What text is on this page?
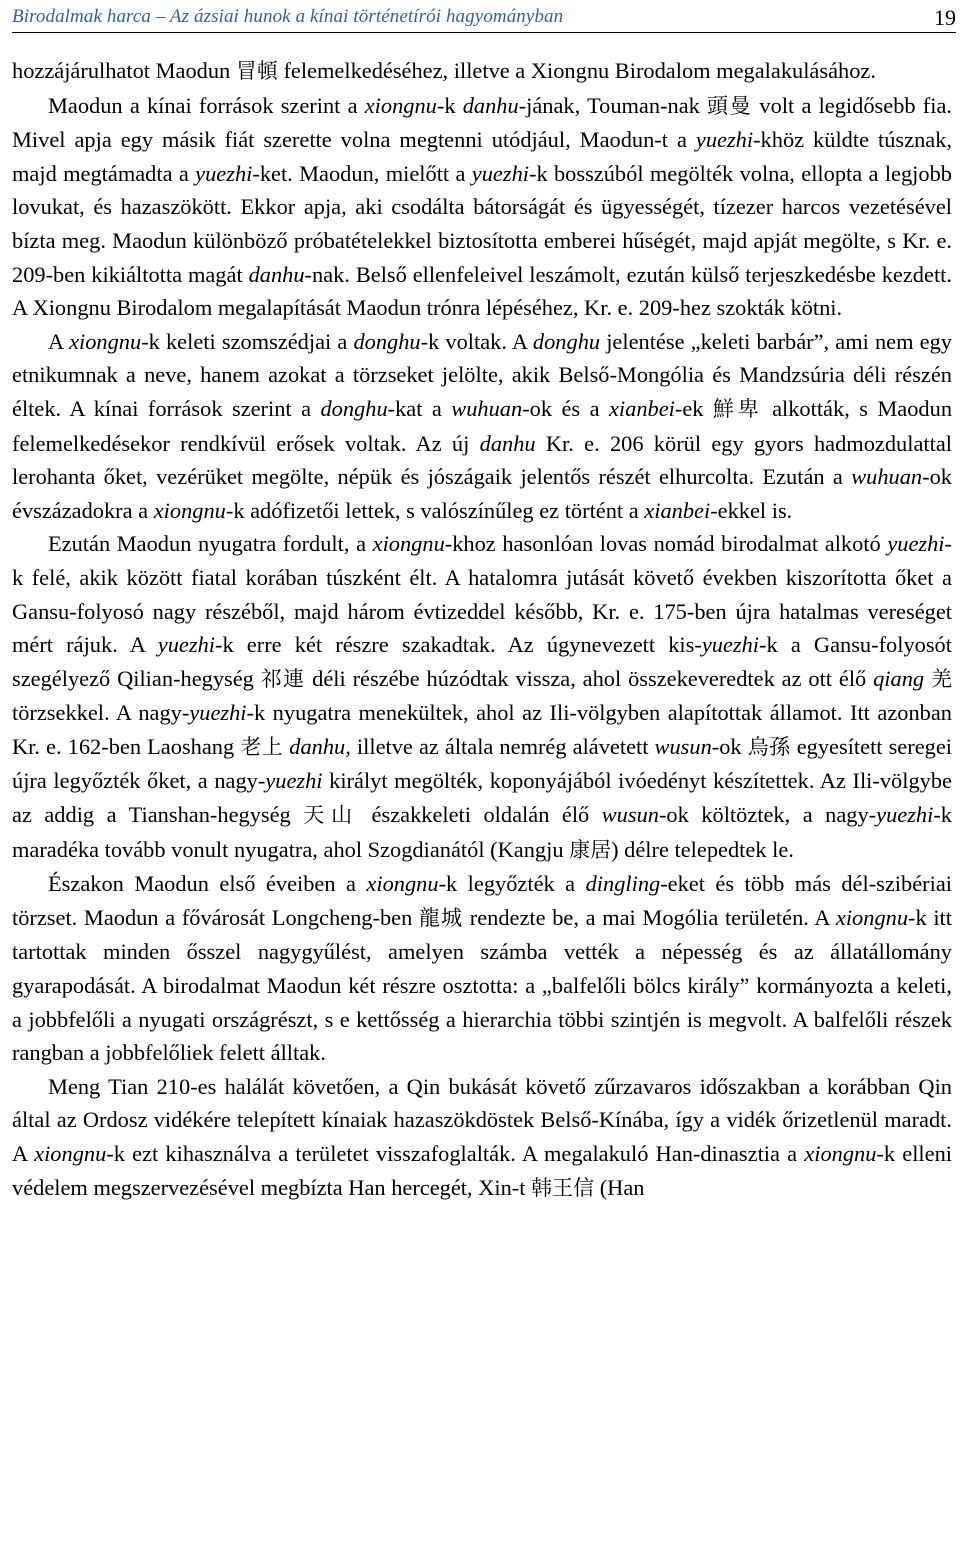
Birodalmak harca – Az ázsiai hunok a kínai történetírói hagyományban	19

hozzájárulhatot Maodun 冒頓 felemelkedéséhez, illetve a Xiongnu Birodalom megalakulásához.

Maodun a kínai források szerint a xiongnu-k danhu-jának, Touman-nak 頭曼 volt a legidősebb fia. Mivel apja egy másik fiát szerette volna megtenni utódjául, Maodun-t a yuezhi-khöz küldte túsznak, majd megtámadta a yuezhi-ket. Maodun, mielőtt a yuezhi-k bosszúból megölték volna, ellopta a legjobb lovukat, és hazaszökött. Ekkor apja, aki csodálta bátorságát és ügyességét, tízezer harcos vezetésével bízta meg. Maodun különböző próbatételekkel biztosította emberei hűségét, majd apját megölte, s Kr. e. 209-ben kikiáltotta magát danhu-nak. Belső ellenfeleivel leszámolt, ezután külső terjeszkedésbe kezdett. A Xiongnu Birodalom megalapítását Maodun trónra lépéséhez, Kr. e. 209-hez szokták kötni.

A xiongnu-k keleti szomszédjai a donghu-k voltak. A donghu jelentése „keleti barbár”, ami nem egy etnikumnak a neve, hanem azokat a törzseket jelölte, akik Belső-Mongólia és Mandzsúria déli részén éltek. A kínai források szerint a donghu-kat a wuhuan-ok és a xianbei-ek 鮮卑 alkották, s Maodun felemelkedésekor rendkívül erősek voltak. Az új danhu Kr. e. 206 körül egy gyors hadmozdulattal lerohanta őket, vezérüket megölte, népük és jószágaik jelentős részét elhurcolta. Ezután a wuhuan-ok évszázadokra a xiongnu-k adófizetői lettek, s valószínűleg ez történt a xianbei-ekkel is.

Ezután Maodun nyugatra fordult, a xiongnu-khoz hasonlóan lovas nomád birodalmat alkotó yuezhi-k felé, akik között fiatal korában túszként élt. A hatalomra jutását követő években kiszorította őket a Gansu-folyosó nagy részéből, majd három évtizeddel később, Kr. e. 175-ben újra hatalmas vereséget mért rájuk. A yuezhi-k erre két részre szakadtak. Az úgynevezett kis-yuezhi-k a Gansu-folyosót szegélyező Qilian-hegység 祁連 déli részébe húzódtak vissza, ahol összekeveredtek az ott élő qiang 羌 törzsekkel. A nagy-yuezhi-k nyugatra menekültek, ahol az Ili-völgyben alapítottak államot. Itt azonban Kr. e. 162-ben Laoshang 老上 danhu, illetve az általa nemrég alávetett wusun-ok 烏孫 egyesített seregei újra legyőzték őket, a nagy-yuezhi királyt megölték, koponyájából ivóedényt készítettek. Az Ili-völgybe az addig a Tianshan-hegység 天山 északkeleti oldalán élő wusun-ok költöztek, a nagy-yuezhi-k maradéka tovább vonult nyugatra, ahol Szogdianától (Kangju 康居) délre telepedtek le.

Északon Maodun első éveiben a xiongnu-k legyőzték a dingling-eket és több más dél-szibériai törzset. Maodun a fővárosát Longcheng-ben 龍城 rendezte be, a mai Mogólia területén. A xiongnu-k itt tartottak minden ősszel nagygyűlést, amelyen számba vették a népesség és az állatállomány gyarapodását. A birodalmat Maodun két részre osztotta: a „balfelőli bölcs király” kormányozta a keleti, a jobbfelőli a nyugati országrészt, s e kettősség a hierarchia többi szintjén is megvolt. A balfelőli részek rangban a jobbfelőliek felett álltak.

Meng Tian 210-es halálát követően, a Qin bukását követő zűrzavaros időszakban a korábban Qin által az Ordosz vidékére telepített kínaiak hazaszökdöstek Belső-Kínába, így a vidék őrizetlenül maradt. A xiongnu-k ezt kihasználva a területet visszafoglalták. A megalakuló Han-dinasztia a xiongnu-k elleni védelem megszervezésével megbízta Han hercegét, Xin-t 韩王信 (Han
